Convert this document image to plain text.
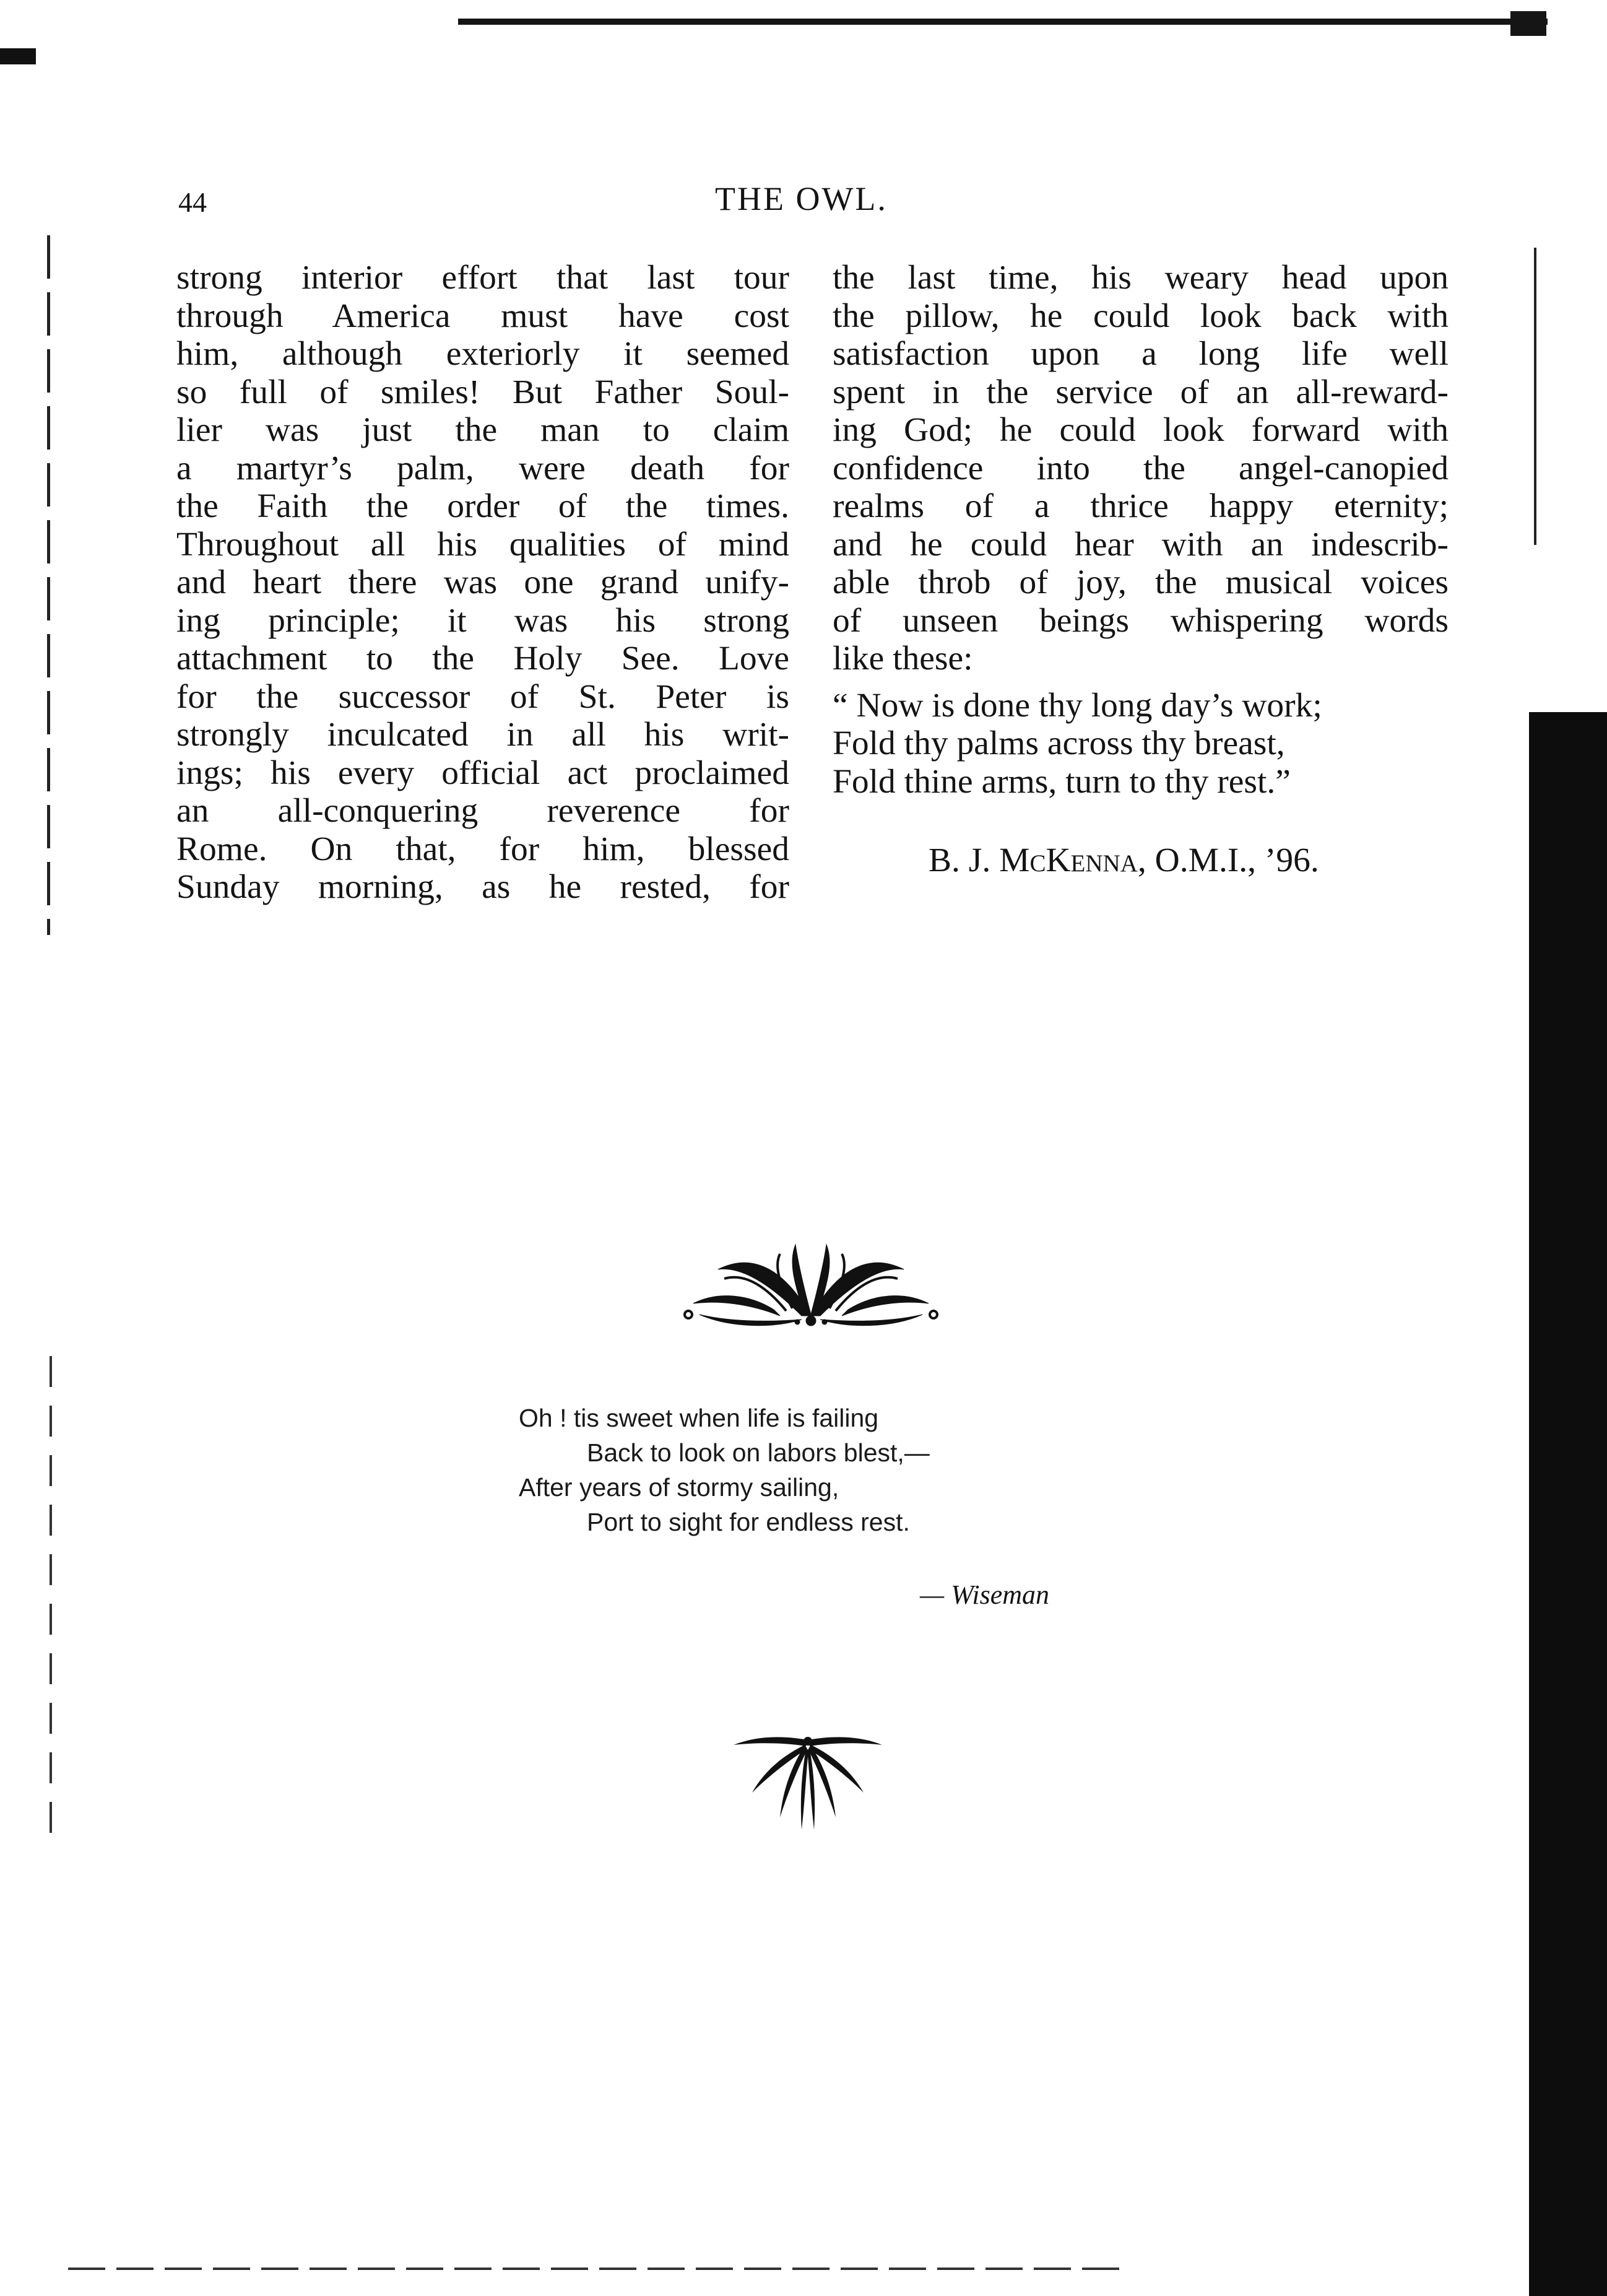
44	THE OWL.
strong interior effort that last tour
through America must have cost
him, although exteriorly it seemed
so full of smiles! But Father Soul-
lier was just the man to claim
a martyr’s palm, were death for
the Faith the order of the times.
Throughout all his qualities of mind
and heart there was one grand unify-
ing principle; it was his strong
attachment to the Holy See. Love
for the successor of St. Peter is
strongly inculcated in all his writ-
ings; his every official act proclaimed
an all-conquering reverence for
Rome. On that, for him, blessed
Sunday morning, as he rested, for
the last time, his weary head upon
the pillow, he could look back with
satisfaction upon a long life well
spent in the service of an all-reward-
ing God; he could look forward with
confidence into the angel-canopied
realms of a thrice happy eternity;
and he could hear with an indescrib-
able throb of joy, the musical voices
of unseen beings whispering words
like these:
“ Now is done thy long day’s work;
Fold thy palms across thy breast,
Fold thine arms, turn to thy rest.”
B. J. McKenna, O.M.I., ’96.
Oh ! tis sweet when life is failing
Back to look on labors blest,—
After years of stormy sailing,
Port to sight for endless rest.
— Wiseman
